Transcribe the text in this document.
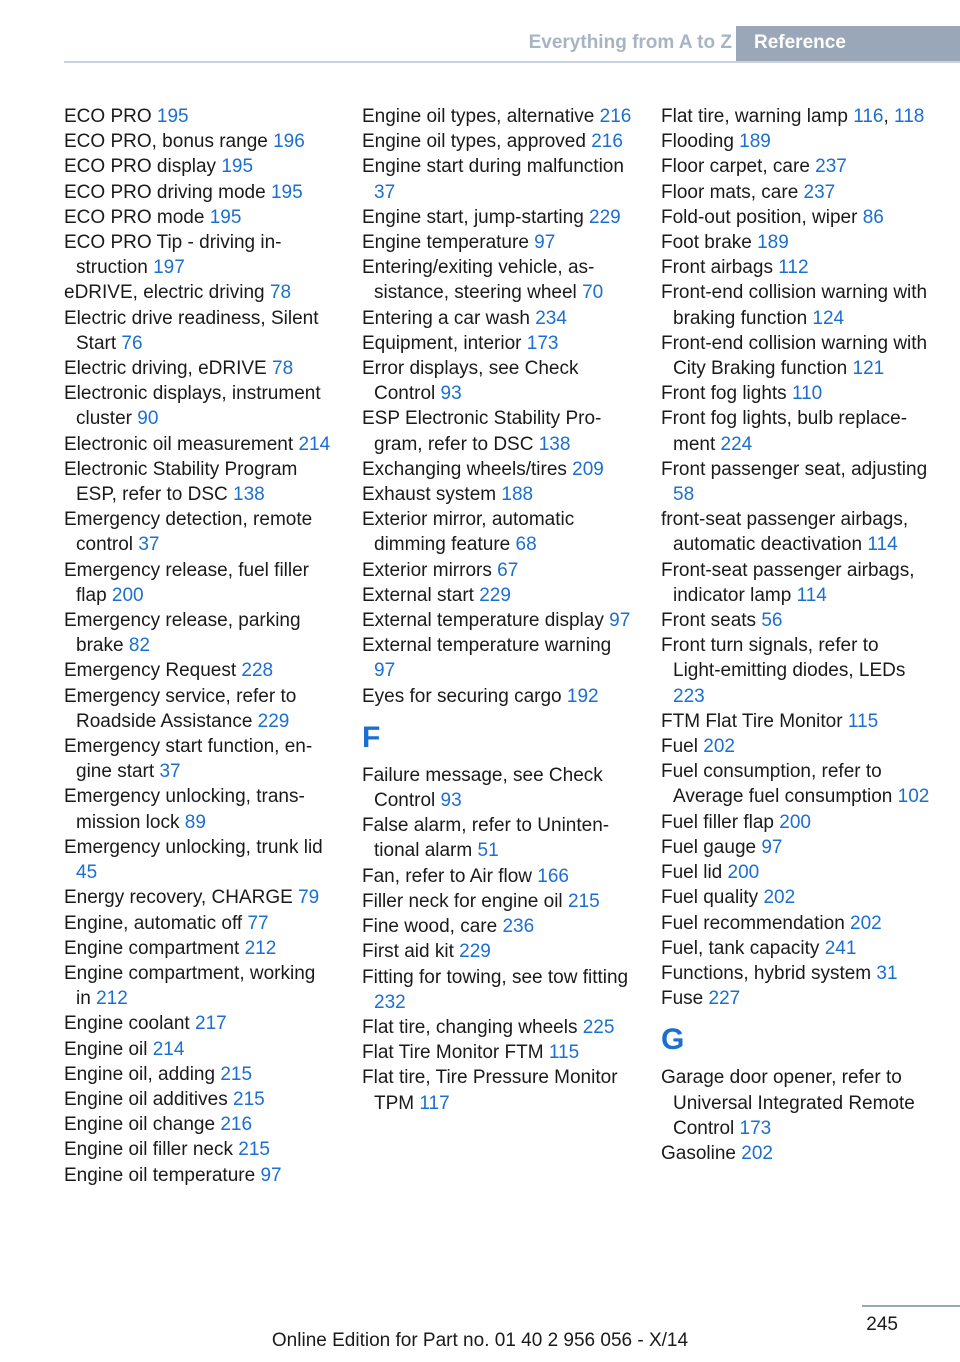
Everything from A to Z	Reference
ECO PRO 195
ECO PRO, bonus range 196
ECO PRO display 195
ECO PRO driving mode 195
ECO PRO mode 195
ECO PRO Tip - driving instruction 197
eDRIVE, electric driving 78
Electric drive readiness, Silent Start 76
Electric driving, eDRIVE 78
Electronic displays, instrument cluster 90
Electronic oil measurement 214
Electronic Stability Program ESP, refer to DSC 138
Emergency detection, remote control 37
Emergency release, fuel filler flap 200
Emergency release, parking brake 82
Emergency Request 228
Emergency service, refer to Roadside Assistance 229
Emergency start function, engine start 37
Emergency unlocking, transmission lock 89
Emergency unlocking, trunk lid 45
Energy recovery, CHARGE 79
Engine, automatic off 77
Engine compartment 212
Engine compartment, working in 212
Engine coolant 217
Engine oil 214
Engine oil, adding 215
Engine oil additives 215
Engine oil change 216
Engine oil filler neck 215
Engine oil temperature 97
Engine oil types, alternative 216
Engine oil types, approved 216
Engine start during malfunction 37
Engine start, jump-starting 229
Engine temperature 97
Entering/exiting vehicle, assistance, steering wheel 70
Entering a car wash 234
Equipment, interior 173
Error displays, see Check Control 93
ESP Electronic Stability Program, refer to DSC 138
Exchanging wheels/tires 209
Exhaust system 188
Exterior mirror, automatic dimming feature 68
Exterior mirrors 67
External start 229
External temperature display 97
External temperature warning 97
Eyes for securing cargo 192
F
Failure message, see Check Control 93
False alarm, refer to Unintentional alarm 51
Fan, refer to Air flow 166
Filler neck for engine oil 215
Fine wood, care 236
First aid kit 229
Fitting for towing, see tow fitting 232
Flat tire, changing wheels 225
Flat Tire Monitor FTM 115
Flat tire, Tire Pressure Monitor TPM 117
Flat tire, warning lamp 116, 118
Flooding 189
Floor carpet, care 237
Floor mats, care 237
Fold-out position, wiper 86
Foot brake 189
Front airbags 112
Front-end collision warning with braking function 124
Front-end collision warning with City Braking function 121
Front fog lights 110
Front fog lights, bulb replacement 224
Front passenger seat, adjusting 58
front-seat passenger airbags, automatic deactivation 114
Front-seat passenger airbags, indicator lamp 114
Front seats 56
Front turn signals, refer to Light-emitting diodes, LEDs 223
FTM Flat Tire Monitor 115
Fuel 202
Fuel consumption, refer to Average fuel consumption 102
Fuel filler flap 200
Fuel gauge 97
Fuel lid 200
Fuel quality 202
Fuel recommendation 202
Fuel, tank capacity 241
Functions, hybrid system 31
Fuse 227
G
Garage door opener, refer to Universal Integrated Remote Control 173
Gasoline 202
245
Online Edition for Part no. 01 40 2 956 056 - X/14
